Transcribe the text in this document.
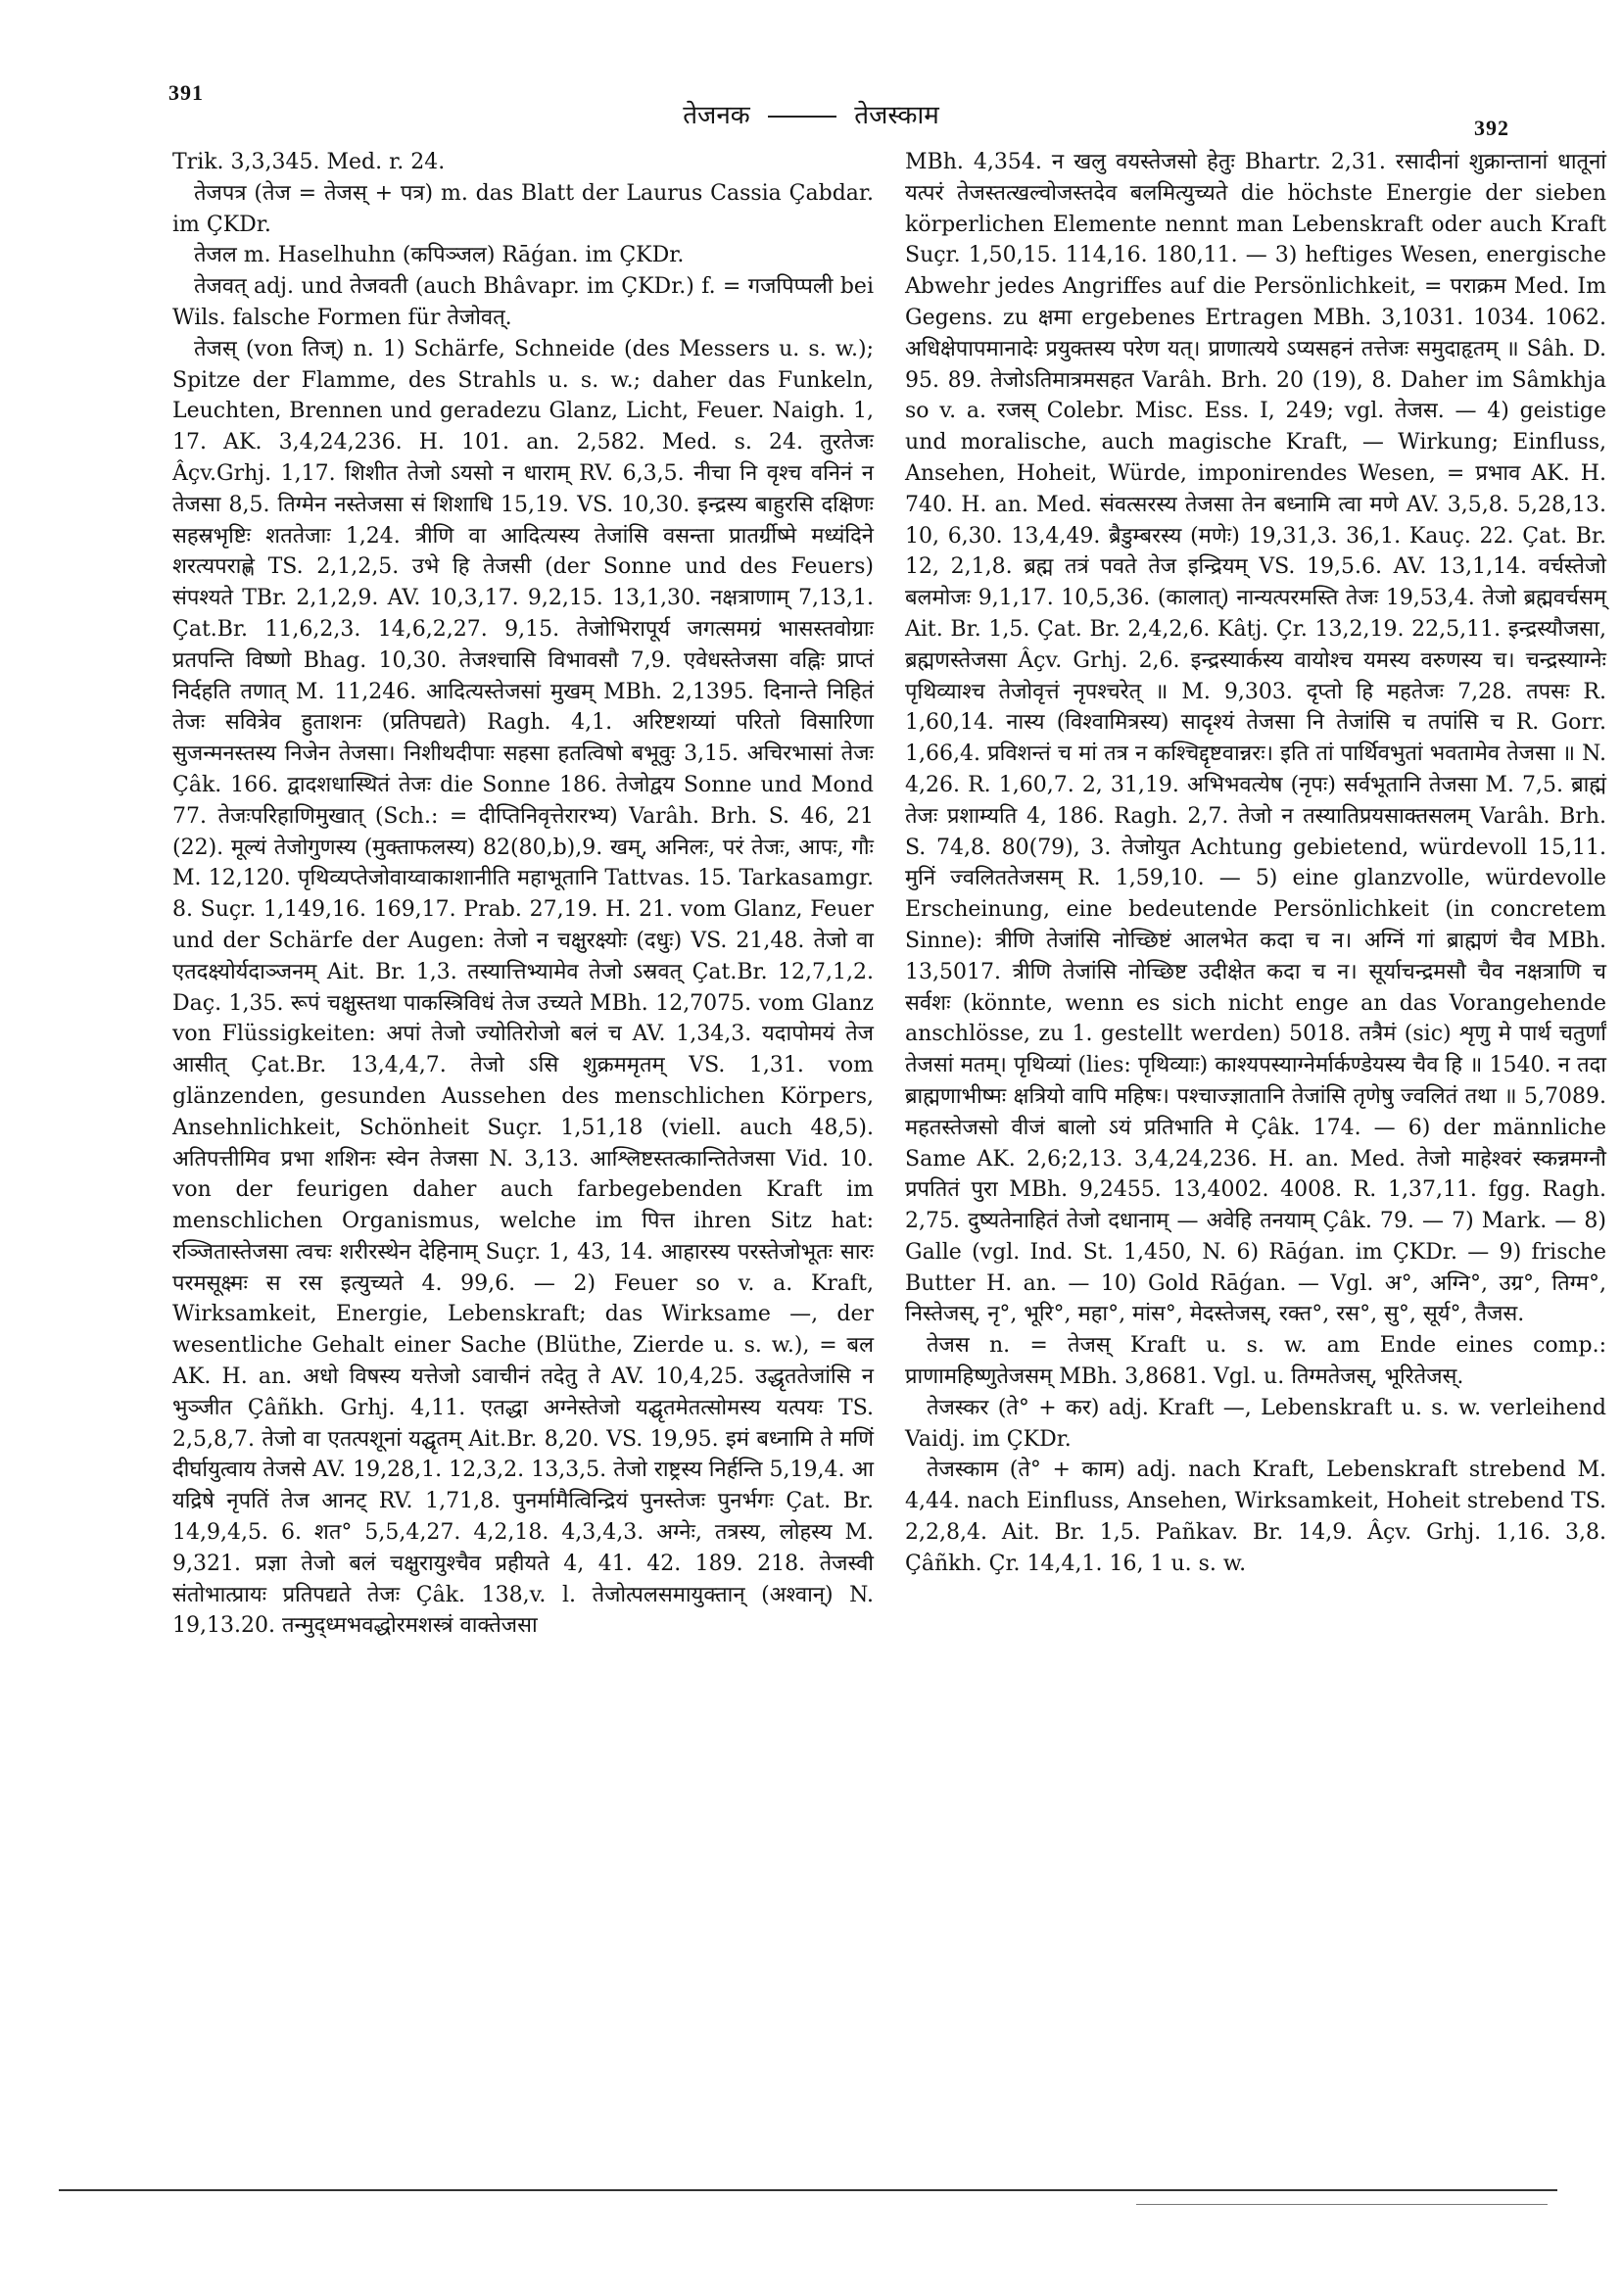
391
तेजनक	तेजस्काम	392

Trik. 3,3,345. Med. r. 24.

तेजपत्र (तेज = तेजस् + पत्र) m. das Blatt der Laurus Cassia Çabdar. im ÇKDr.

तेजल m. Haselhuhn (कपिञ्जल) Rāǵan. im ÇKDr.

तेजवत् adj. und तेजवती (auch Bhâvapr. im ÇKDr.) f. = गजपिप्पली bei Wils. falsche Formen für तेजोवत्.

तेजस् (von तिज्) n. 1) Schärfe, Schneide (des Messers u. s. w.); Spitze der Flamme, des Strahls u. s. w.; daher das Funkeln, Leuchten, Brennen und geradezu Glanz, Licht, Feuer. Naigh. 1, 17. AK. 3,4,24,236. H. 101. an. 2,582. Med. s. 24. तुरतेजः Âçv.Grhj. 1,17. शिशीत तेजो ऽयसो न धाराम् RV. 6,3,5. नीचा नि वृश्च वनिनं न तेजसा 8,5. तिग्मेन नस्तेजसा सं शिशाधि 15,19. VS. 10,30. इन्द्रस्य बाहुरसि दक्षिणः सहस्रभृष्टिः शततेजाः 1,24. त्रीणि वा आदित्यस्य तेजांसि वसन्ता प्रातर्ग्रीष्मे मध्यंदिने शरत्यपराह्णे TS. 2,1,2,5. उभे हि तेजसी (der Sonne und des Feuers) संपश्यते TBr. 2,1,2,9. AV. 10,3,17. 9,2,15. 13,1,30. नक्षत्राणाम् 7,13,1. Çat.Br. 11,6,2,3. 14,6,2,27. 9,15. तेजोभिरापूर्य जगत्समग्रं भासस्तवोग्राः प्रतपन्ति विष्णो Bhag. 10,30. तेजश्चासि विभावसौ 7,9. एवेधस्तेजसा वह्निः प्राप्तं निर्दहति तणात् M. 11,246. आदित्यस्तेजसां मुखम् MBh. 2,1395. दिनान्ते निहितं तेजः सवित्रेव हुताशनः (प्रतिपद्यते) Ragh. 4,1. अरिष्टशय्यां परितो विसारिणा सुजन्मनस्तस्य निजेन तेजसा। निशीथदीपाः सहसा हतत्विषो बभूवुः 3,15. अचिरभासां तेजः Çâk. 166. द्वादशधास्थितं तेजः die Sonne 186. तेजोद्वय Sonne und Mond 77. तेजःपरिहाणिमुखात् (Sch.: = दीप्तिनिवृत्तेरारभ्य) Varâh. Brh. S. 46, 21 (22). मूल्यं तेजोगुणस्य (मुक्ताफलस्य) 82(80,b),9. खम्, अनिलः, परं तेजः, आपः, गौः M. 12,120. पृथिव्यप्तेजोवाय्वाकाशानीति महाभूतानि Tattvas. 15. Tarkasamgr. 8. Suçr. 1,149,16. 169,17. Prab. 27,19. H. 21. vom Glanz, Feuer und der Schärfe der Augen: तेजो न चक्षुरक्ष्योः (दधुः) VS. 21,48. तेजो वा एतदक्ष्योर्यदाञ्जनम् Ait. Br. 1,3. तस्यात्तिभ्यामेव तेजो ऽस्रवत् Çat.Br. 12,7,1,2. Daç. 1,35. रूपं चक्षुस्तथा पाकस्त्रिविधं तेज उच्यते MBh. 12,7075. vom Glanz von Flüssigkeiten: अपां तेजो ज्योतिरोजो बलं च AV. 1,34,3. यदापोमयं तेज आसीत् Çat.Br. 13,4,4,7. तेजो ऽसि शुक्रममृतम् VS. 1,31. vom glänzenden, gesunden Aussehen des menschlichen Körpers, Ansehnlichkeit, Schönheit Suçr. 1,51,18 (viell. auch 48,5). अतिपत्तीमिव प्रभा शशिनः स्वेन तेजसा N. 3,13. आश्लिष्टस्तत्कान्तितेजसा Vid. 10. von der feurigen daher auch farbegebenden Kraft im menschlichen Organismus, welche im पित्त ihren Sitz hat: रञ्जितास्तेजसा त्वचः शरीरस्थेन देहिनाम् Suçr. 1, 43, 14. आहारस्य परस्तेजोभूतः सारः परमसूक्ष्मः स रस इत्युच्यते 4. 99,6. — 2) Feuer so v. a. Kraft, Wirksamkeit, Energie, Lebenskraft; das Wirksame —, der wesentliche Gehalt einer Sache (Blüthe, Zierde u. s. w.), = बल AK. H. an. अधो विषस्य यत्तेजो ऽवाचीनं तदेतु ते AV. 10,4,25. उद्धृततेजांसि न भुञ्जीत Çâñkh. Grhj. 4,11. एतद्धा अग्नेस्तेजो यद्घृतमेतत्सोमस्य यत्पयः TS. 2,5,8,7. तेजो वा एतत्पशूनां यद्घृतम् Ait.Br. 8,20. VS. 19,95. इमं बध्नामि ते मणिं दीर्घायुत्वाय तेजसे AV. 19,28,1. 12,3,2. 13,3,5. तेजो राष्ट्रस्य निर्हन्ति 5,19,4. आ यद्रिषे नृपतिं तेज आनट् RV. 1,71,8. पुनर्मामैत्विन्द्रियं पुनस्तेजः पुनर्भगः Çat. Br. 14,9,4,5. 6. शत° 5,5,4,27. 4,2,18. 4,3,4,3. अग्नेः, तत्रस्य, लोहस्य M. 9,321. प्रज्ञा तेजो बलं चक्षुरायुश्चैव प्रहीयते 4, 41. 42. 189. 218. तेजस्वी संतोभात्प्रायः प्रतिपद्यते तेजः Çâk. 138,v. l. तेजोत्पलसमायुक्तान् (अश्वान्) N. 19,13.20. तन्मुद्ध्मभवद्धोरमशस्त्रं वाक्तेजसा

MBh. 4,354. न खलु वयस्तेजसो हेतुः Bhartr. 2,31. रसादीनां शुक्रान्तानां धातूनां यत्परं तेजस्तत्खल्वोजस्तदेव बलमित्युच्यते die höchste Energie der sieben körperlichen Elemente nennt man Lebenskraft oder auch Kraft Suçr. 1,50,15. 114,16. 180,11. — 3) heftiges Wesen, energische Abwehr jedes Angriffes auf die Persönlichkeit, = पराक्रम Med. Im Gegens. zu क्षमा ergebenes Ertragen MBh. 3,1031. 1034. 1062. अधिक्षेपापमानादेः प्रयुक्तस्य परेण यत्। प्राणात्यये ऽप्यसहनं तत्तेजः समुदाहृतम् ॥ Sâh. D. 95. 89. तेजोऽतिमात्रमसहत Varâh. Brh. 20 (19), 8. Daher im Sâmkhja so v. a. रजस् Colebr. Misc. Ess. I, 249; vgl. तेजस. — 4) geistige und moralische, auch magische Kraft, — Wirkung; Einfluss, Ansehen, Hoheit, Würde, imponirendes Wesen, = प्रभाव AK. H. 740. H. an. Med. संवत्सरस्य तेजसा तेन बध्नामि त्वा मणे AV. 3,5,8. 5,28,13. 10, 6,30. 13,4,49. ब्रैडुम्बरस्य (मणेः) 19,31,3. 36,1. Kauç. 22. Çat. Br. 12, 2,1,8. ब्रह्म तत्रं पवते तेज इन्द्रियम् VS. 19,5.6. AV. 13,1,14. वर्चस्तेजो बलमोजः 9,1,17. 10,5,36. (कालात्) नान्यत्परमस्ति तेजः 19,53,4. तेजो ब्रह्मवर्चसम् Ait. Br. 1,5. Çat. Br. 2,4,2,6. Kâtj. Çr. 13,2,19. 22,5,11. इन्द्रस्यौजसा, ब्रह्मणस्तेजसा Âçv. Grhj. 2,6. इन्द्रस्यार्कस्य वायोश्च यमस्य वरुणस्य च। चन्द्रस्याग्नेः पृथिव्याश्च तेजोवृत्तं नृपश्चरेत् ॥ M. 9,303. दृप्तो हि महतेजः 7,28. तपसः R. 1,60,14. नास्य (विश्वामित्रस्य) सादृश्यं तेजसा नि तेजांसि च तपांसि च R. Gorr. 1,66,4. प्रविशन्तं च मां तत्र न कश्चिद्दृष्टवान्नरः। इति तां पार्थिवभुतां भवतामेव तेजसा ॥ N. 4,26. R. 1,60,7. 2, 31,19. अभिभवत्येष (नृपः) सर्वभूतानि तेजसा M. 7,5. ब्राह्मं तेजः प्रशाम्यति 4, 186. Ragh. 2,7. तेजो न तस्यातिप्रयसाक्तसलम् Varâh. Brh. S. 74,8. 80(79), 3. तेजोयुत Achtung gebietend, würdevoll 15,11. मुनिं ज्वलिततेजसम् R. 1,59,10. — 5) eine glanzvolle, würdevolle Erscheinung, eine bedeutende Persönlichkeit (in concretem Sinne): त्रीणि तेजांसि नोच्छिष्टं आलभेत कदा च न। अग्निं गां ब्राह्मणं चैव MBh. 13,5017. त्रीणि तेजांसि नोच्छिष्ट उदीक्षेत कदा च न। सूर्याचन्द्रमसौ चैव नक्षत्राणि च सर्वशः (könnte, wenn es sich nicht enge an das Vorangehende anschlösse, zu 1. gestellt werden) 5018. तत्रैमं (sic) शृणु मे पार्थ चतुर्णां तेजसां मतम्। पृथिव्यां (lies: पृथिव्याः) काश्यपस्याग्नेर्मार्कण्डेयस्य चैव हि ॥ 1540. न तदा ब्राह्मणाभीष्मः क्षत्रियो वापि महिषः। पश्चाज्ज्ञातानि तेजांसि तृणेषु ज्वलितं तथा ॥ 5,7089. महतस्तेजसो वीजं बालो ऽयं प्रतिभाति मे Çâk. 174. — 6) der männliche Same AK. 2,6;2,13. 3,4,24,236. H. an. Med. तेजो माहेश्वरं स्कन्नमग्नौ प्रपतितं पुरा MBh. 9,2455. 13,4002. 4008. R. 1,37,11. fgg. Ragh. 2,75. दुष्यतेनाहितं तेजो दधानाम् — अवेहि तनयाम् Çâk. 79. — 7) Mark. — 8) Galle (vgl. Ind. St. 1,450, N. 6) Rāǵan. im ÇKDr. — 9) frische Butter H. an. — 10) Gold Rāǵan. — Vgl. अ°, अग्नि°, उग्र°, तिग्म°, निस्तेजस्, नृ°, भूरि°, महा°, मांस°, मेदस्तेजस्, रक्त°, रस°, सु°, सूर्य°, तैजस.

तेजस n. = तेजस् Kraft u. s. w. am Ende eines comp.: प्राणामहिष्णुतेजसम् MBh. 3,8681. Vgl. u. तिग्मतेजस्, भूरितेजस्.

तेजस्कर (ते° + कर) adj. Kraft —, Lebenskraft u. s. w. verleihend Vaidj. im ÇKDr.

तेजस्काम (ते° + काम) adj. nach Kraft, Lebenskraft strebend M. 4,44. nach Einfluss, Ansehen, Wirksamkeit, Hoheit strebend TS. 2,2,8,4. Ait. Br. 1,5. Pañkav. Br. 14,9. Âçv. Grhj. 1,16. 3,8. Çâñkh. Çr. 14,4,1. 16, 1 u. s. w.
